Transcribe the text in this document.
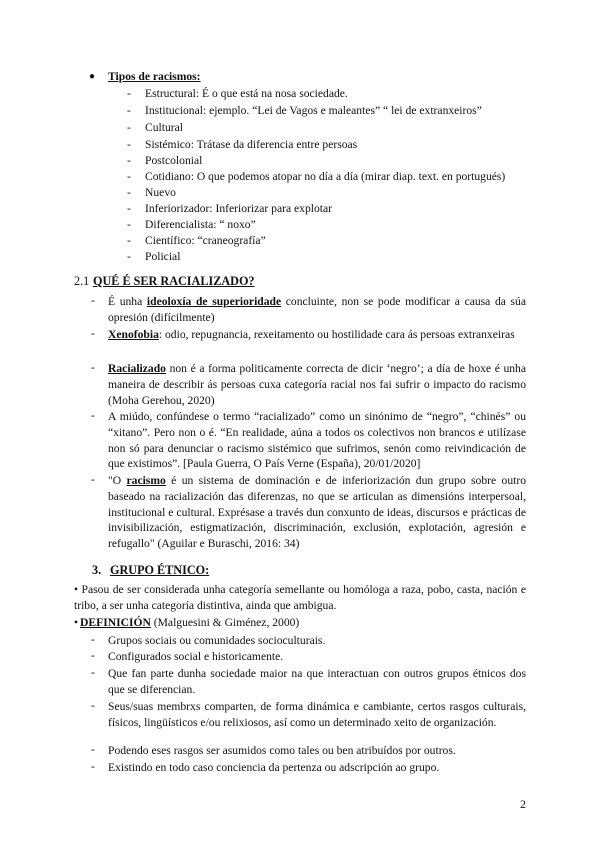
● Tipos de racismos:
- Estructural: É o que está na nosa sociedade.
- Institucional: ejemplo. “Lei de Vagos e maleantes” “ lei de extranxeiros”
- Cultural
- Sistémico: Trátase da diferencia entre persoas
- Postcolonial
- Cotidiano: O que podemos atopar no día a día (mirar diap. text. en portugués)
- Nuevo
- Inferiorizador: Inferiorizar para explotar
- Diferencialista: “ noxo”
- Científico: “craneografía”
- Policial
2.1 QUÉ É SER RACIALIZADO?
- É unha ideoloxía de superioridade concluinte, non se pode modificar a causa da súa opresión (difícilmente)
- Xenofobia: odio, repugnancia, rexeitamento ou hostilidade cara ás persoas extranxeiras
- Racializado non é a forma politicamente correcta de dicir ‘negro’; a día de hoxe é unha maneira de describir ás persoas cuxa categoría racial nos fai sufrir o impacto do racismo (Moha Gerehou, 2020)
- A miúdo, confúndese o termo “racializado” como un sinónimo de “negro”, “chinés” ou “xitano”. Pero non o é. “En realidade, aúna a todos os colectivos non brancos e utilízase non só para denunciar o racismo sistémico que sufrimos, senón como reivindicación de que existimos”. [Paula Guerra, O País Verne (España), 20/01/2020]
- "O racismo é un sistema de dominación e de inferiorización dun grupo sobre outro baseado na racialización das diferenzas, no que se articulan as dimensións interpersoal, institucional e cultural. Exprésase a través dun conxunto de ideas, discursos e prácticas de invisibilización, estigmatización, discriminación, exclusión, explotación, agresión e refugallo" (Aguilar e Buraschi, 2016: 34)
3. GRUPO ÉTNICO:
• Pasou de ser considerada unha categoría semellante ou homóloga a raza, pobo, casta, nación e tribo, a ser unha categoría distintiva, ainda que ambigua.
• DEFINICIÓN (Malguesini & Giménez, 2000)
- Grupos sociais ou comunidades socioculturais.
- Configurados social e historicamente.
- Que fan parte dunha sociedade maior na que interactuan con outros grupos étnicos dos que se diferencian.
- Seus/suas membrxs comparten, de forma dinámica e cambiante, certos rasgos culturais, físicos, lingüísticos e/ou relixiosos, así como un determinado xeito de organización.
- Podendo eses rasgos ser asumidos como tales ou ben atribuídos por outros.
- Existindo en todo caso conciencia da pertenza ou adscripción ao grupo.
2
